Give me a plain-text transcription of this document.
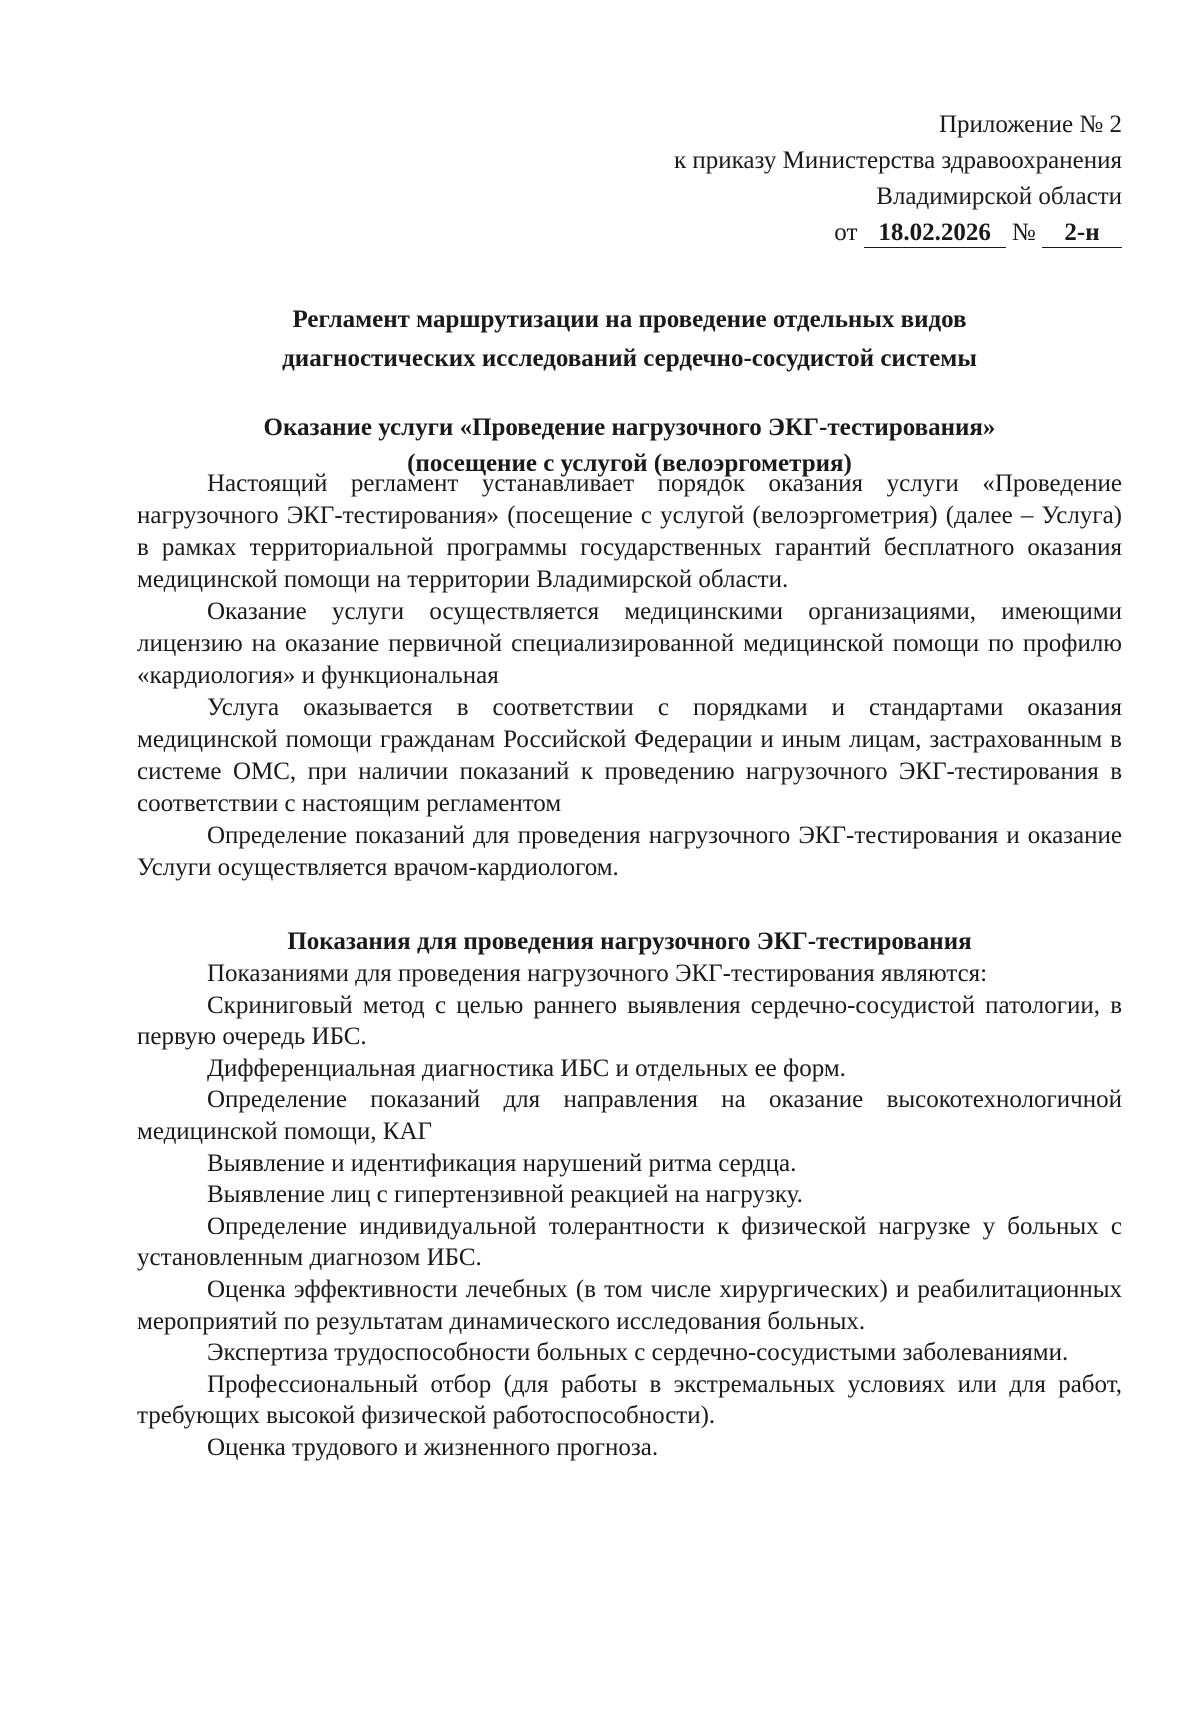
Приложение № 2
к приказу Министерства здравоохранения
Владимирской области
от 18.02.2026 № 2-н
Регламент маршрутизации на проведение отдельных видов
диагностических исследований сердечно-сосудистой системы
Оказание услуги «Проведение нагрузочного ЭКГ-тестирования»
(посещение с услугой (велоэргометрия)

Настоящий регламент устанавливает порядок оказания услуги «Проведение нагрузочного ЭКГ-тестирования» (посещение с услугой (велоэргометрия) (далее – Услуга) в рамках территориальной программы государственных гарантий бесплатного оказания медицинской помощи на территории Владимирской области.

Оказание услуги осуществляется медицинскими организациями, имеющими лицензию на оказание первичной специализированной медицинской помощи по профилю «кардиология» и функциональная

Услуга оказывается в соответствии с порядками и стандартами оказания медицинской помощи гражданам Российской Федерации и иным лицам, застрахованным в системе ОМС, при наличии показаний к проведению нагрузочного ЭКГ-тестирования в соответствии с настоящим регламентом

Определение показаний для проведения нагрузочного ЭКГ-тестирования и оказание Услуги осуществляется врачом-кардиологом.

Показания для проведения нагрузочного ЭКГ-тестирования

Показаниями для проведения нагрузочного ЭКГ-тестирования являются:

Скриниговый метод с целью раннего выявления сердечно-сосудистой патологии, в первую очередь ИБС.

Дифференциальная диагностика ИБС и отдельных ее форм.

Определение показаний для направления на оказание высокотехнологичной медицинской помощи, КАГ

Выявление и идентификация нарушений ритма сердца.

Выявление лиц с гипертензивной реакцией на нагрузку.

Определение индивидуальной толерантности к физической нагрузке у больных с установленным диагнозом ИБС.

Оценка эффективности лечебных (в том числе хирургических) и реабилитационных мероприятий по результатам динамического исследования больных.

Экспертиза трудоспособности больных с сердечно-сосудистыми заболеваниями.

Профессиональный отбор (для работы в экстремальных условиях или для работ, требующих высокой физической работоспособности).

Оценка трудового и жизненного прогноза.
